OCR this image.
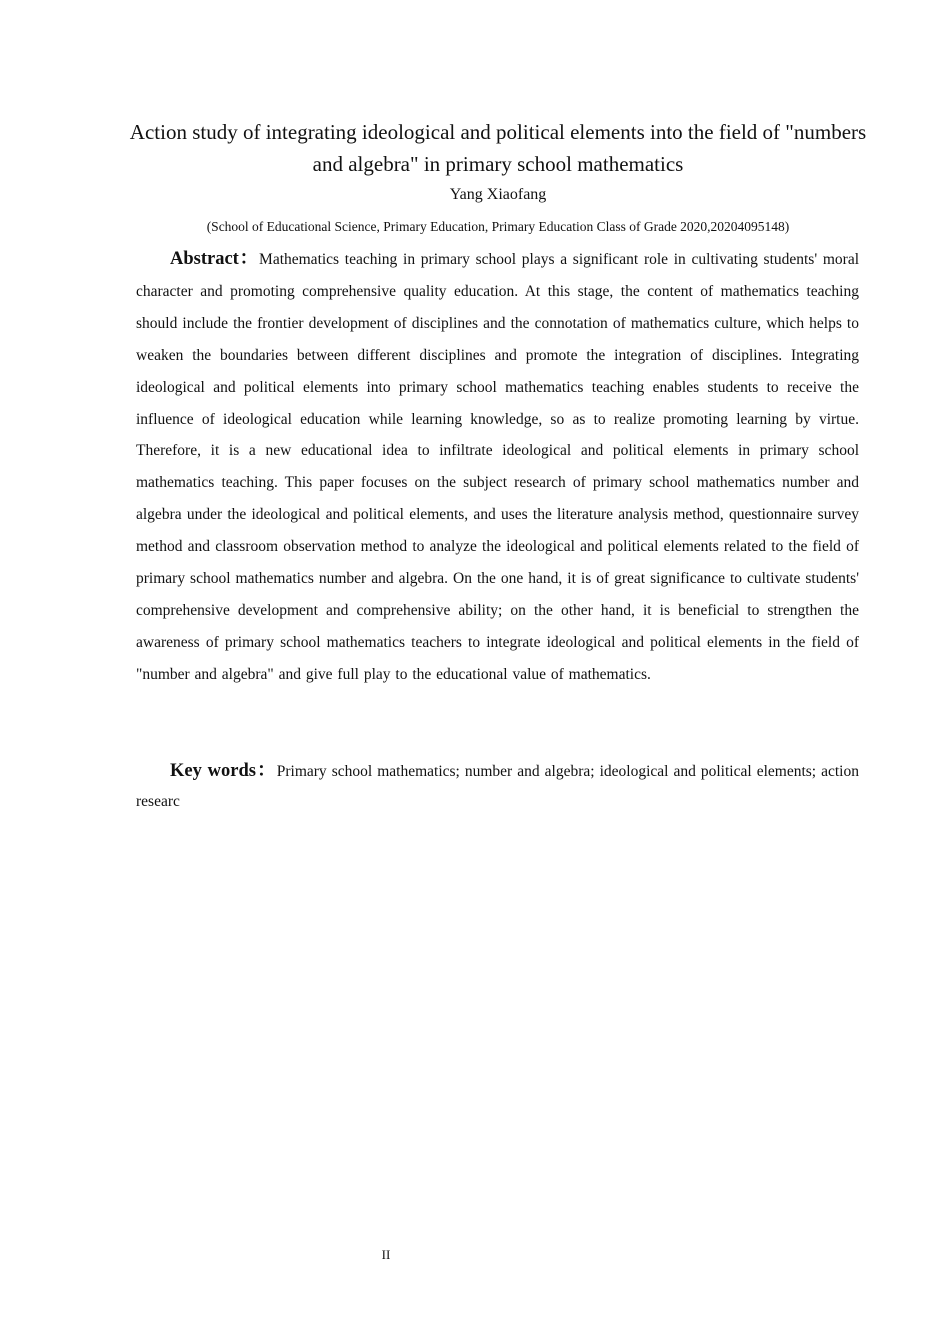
Action study of integrating ideological and political elements into the field of "numbers and algebra" in primary school mathematics
Yang Xiaofang
(School of Educational Science, Primary Education, Primary Education Class of Grade 2020,20204095148)

Abstract：Mathematics teaching in primary school plays a significant role in cultivating students' moral character and promoting comprehensive quality education. At this stage, the content of mathematics teaching should include the frontier development of disciplines and the connotation of mathematics culture, which helps to weaken the boundaries between different disciplines and promote the integration of disciplines. Integrating ideological and political elements into primary school mathematics teaching enables students to receive the influence of ideological education while learning knowledge, so as to realize promoting learning by virtue. Therefore, it is a new educational idea to infiltrate ideological and political elements in primary school mathematics teaching. This paper focuses on the subject research of primary school mathematics number and algebra under the ideological and political elements, and uses the literature analysis method, questionnaire survey method and classroom observation method to analyze the ideological and political elements related to the field of primary school mathematics number and algebra. On the one hand, it is of great significance to cultivate students' comprehensive development and comprehensive ability; on the other hand, it is beneficial to strengthen the awareness of primary school mathematics teachers to integrate ideological and political elements in the field of "number and algebra" and give full play to the educational value of mathematics.

Key words：Primary school mathematics; number and algebra; ideological and political elements; action researc

II
